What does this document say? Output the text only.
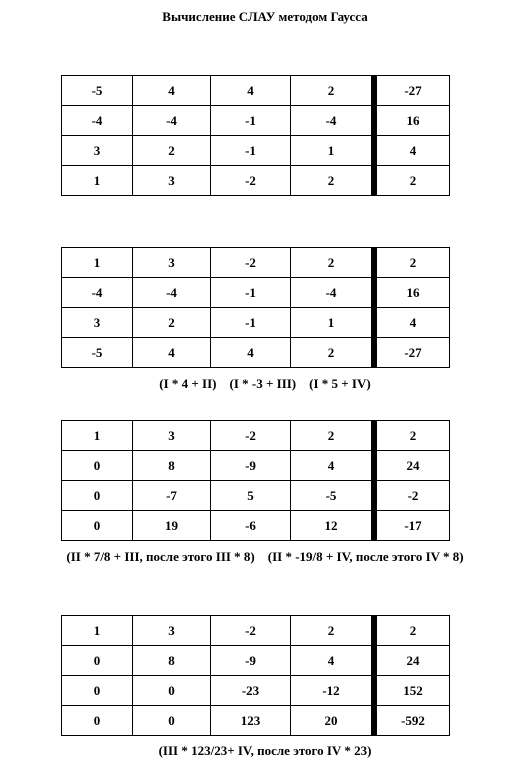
Вычисление СЛАУ методом Гаусса
-5	4	4	2	-27
-4	-4	-1	-4	16
3	2	-1	1	4
1	3	-2	2	2
1	3	-2	2	2
-4	-4	-1	-4	16
3	2	-1	1	4
-5	4	4	2	-27
(I * 4 + II)    (I * -3 + III)    (I * 5 + IV)
1	3	-2	2	2
0	8	-9	4	24
0	-7	5	-5	-2
0	19	-6	12	-17
(II * 7/8 + III, после этого III * 8)    (II * -19/8 + IV, после этого IV * 8)
1	3	-2	2	2
0	8	-9	4	24
0	0	-23	-12	152
0	0	123	20	-592
(III * 123/23+ IV, после этого IV * 23)
